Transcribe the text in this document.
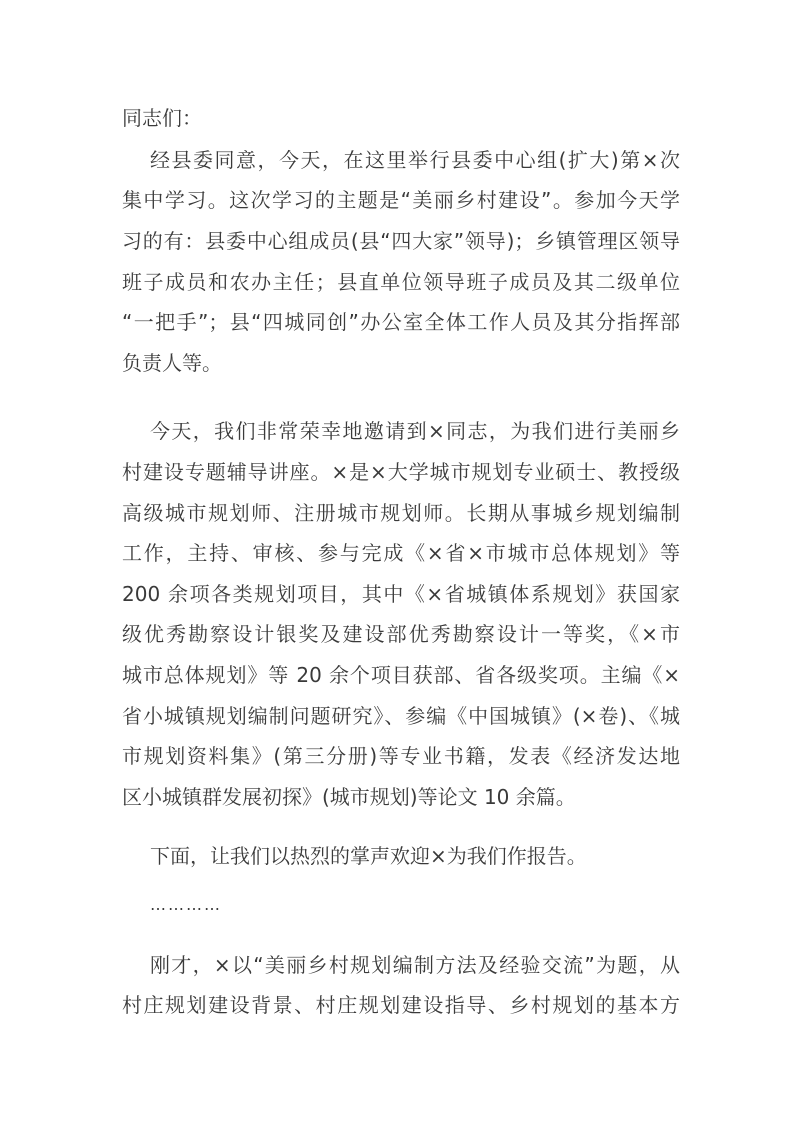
同志们：
经县委同意，今天，在这里举行县委中心组(扩大)第×次
集中学习。这次学习的主题是“美丽乡村建设”。参加今天学
习的有：县委中心组成员(县“四大家”领导)；乡镇管理区领导
班子成员和农办主任；县直单位领导班子成员及其二级单位
“一把手”；县“四城同创”办公室全体工作人员及其分指挥部
负责人等。
今天，我们非常荣幸地邀请到×同志，为我们进行美丽乡
村建设专题辅导讲座。×是×大学城市规划专业硕士、教授级
高级城市规划师、注册城市规划师。长期从事城乡规划编制
工作，主持、审核、参与完成《×省×市城市总体规划》等
200 余项各类规划项目，其中《×省城镇体系规划》获国家
级优秀勘察设计银奖及建设部优秀勘察设计一等奖，《×市
城市总体规划》等 20 余个项目获部、省各级奖项。主编《×
省小城镇规划编制问题研究》、参编《中国城镇》(×卷)、《城
市规划资料集》(第三分册)等专业书籍，发表《经济发达地
区小城镇群发展初探》(城市规划)等论文 10 余篇。
下面，让我们以热烈的掌声欢迎×为我们作报告。
…………
刚才，×以“美丽乡村规划编制方法及经验交流”为题，从
村庄规划建设背景、村庄规划建设指导、乡村规划的基本方
